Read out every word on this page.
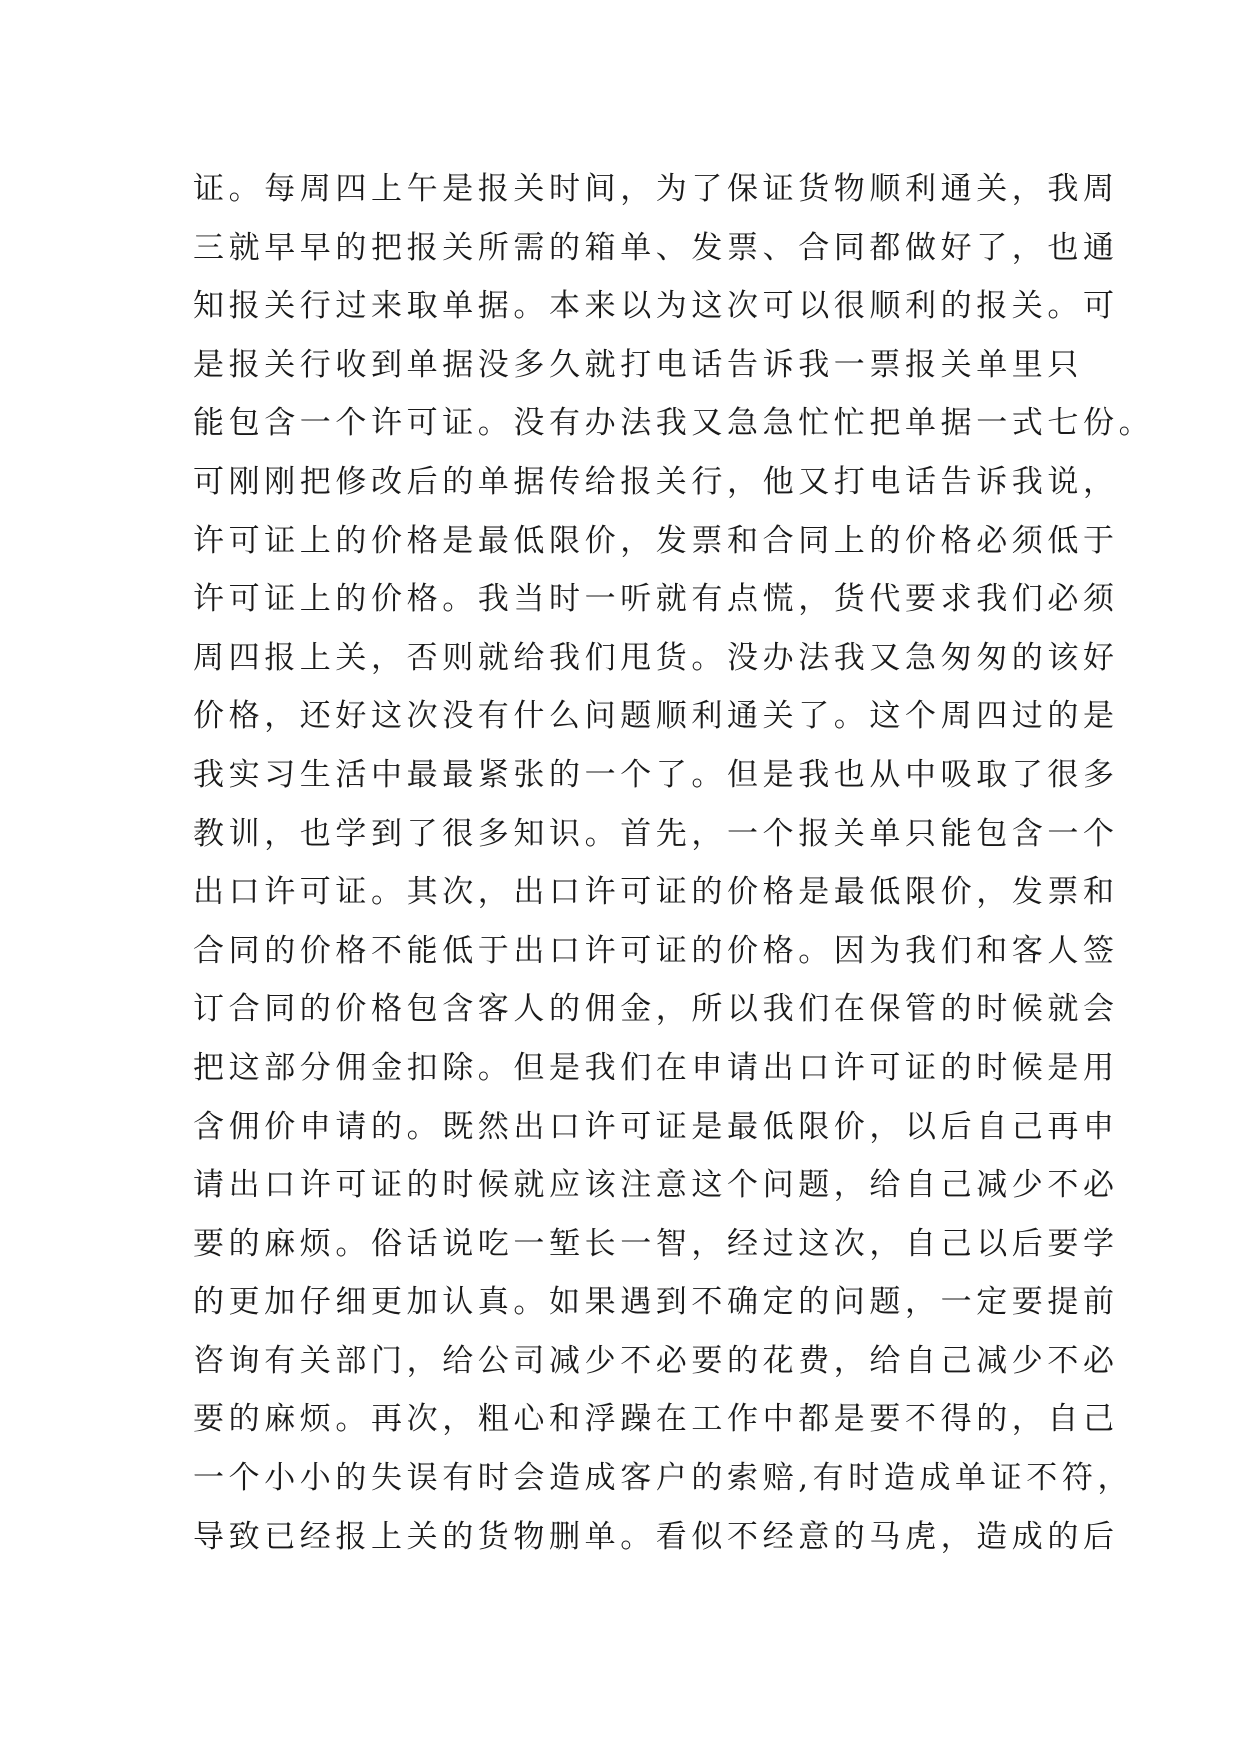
证。每周四上午是报关时间，为了保证货物顺利通关，我周
三就早早的把报关所需的箱单、发票、合同都做好了，也通
知报关行过来取单据。本来以为这次可以很顺利的报关。可
是报关行收到单据没多久就打电话告诉我一票报关单里只
能包含一个许可证。没有办法我又急急忙忙把单据一式七份。
可刚刚把修改后的单据传给报关行，他又打电话告诉我说，
许可证上的价格是最低限价，发票和合同上的价格必须低于
许可证上的价格。我当时一听就有点慌，货代要求我们必须
周四报上关，否则就给我们甩货。没办法我又急匆匆的该好
价格，还好这次没有什么问题顺利通关了。这个周四过的是
我实习生活中最最紧张的一个了。但是我也从中吸取了很多
教训，也学到了很多知识。首先，一个报关单只能包含一个
出口许可证。其次，出口许可证的价格是最低限价，发票和
合同的价格不能低于出口许可证的价格。因为我们和客人签
订合同的价格包含客人的佣金，所以我们在保管的时候就会
把这部分佣金扣除。但是我们在申请出口许可证的时候是用
含佣价申请的。既然出口许可证是最低限价，以后自己再申
请出口许可证的时候就应该注意这个问题，给自己减少不必
要的麻烦。俗话说吃一堑长一智，经过这次，自己以后要学
的更加仔细更加认真。如果遇到不确定的问题，一定要提前
咨询有关部门，给公司减少不必要的花费，给自己减少不必
要的麻烦。再次，粗心和浮躁在工作中都是要不得的，自己
一个小小的失误有时会造成客户的索赔,有时造成单证不符，
导致已经报上关的货物删单。看似不经意的马虎，造成的后
